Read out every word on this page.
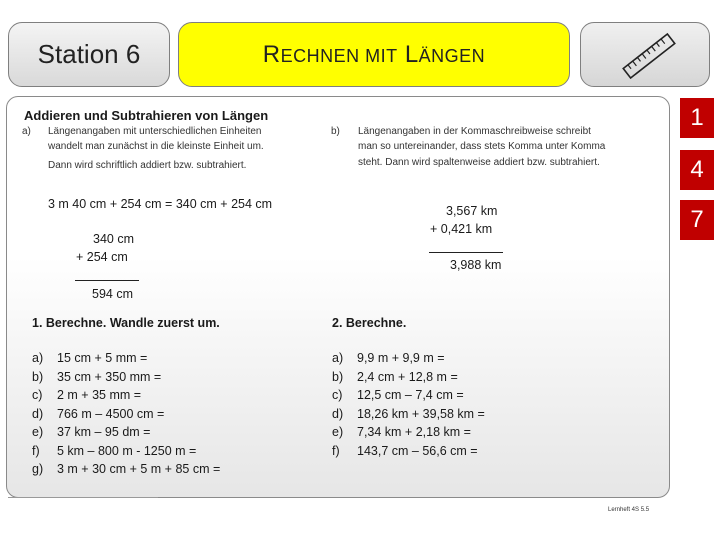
Station 6	RECHNEN MIT LÄNGEN
Addieren und Subtrahieren von Längen
a) Längenangaben mit unterschiedlichen Einheiten
wandelt man zunächst in die kleinste Einheit um.
Dann wird schriftlich addiert bzw. subtrahiert.
3 m 40 cm + 254 cm = 340 cm + 254 cm
340 cm
+ 254 cm
594 cm
b) Längenangaben in der Kommaschreibweise schreibt
man so untereinander, dass stets Komma unter Komma
steht. Dann wird spaltenweise addiert bzw. subtrahiert.
3,567 km
+ 0,421 km
3,988 km
1. Berechne. Wandle zuerst um.
a)
b)
c)
d)
e)
f)
g)
15 cm + 5 mm =
35 cm + 350 mm =
2 m + 35 mm =
766 m – 4500 cm =
37 km – 95 dm =
5 km – 800 m - 1250 m =
3 m + 30 cm + 5 m + 85 cm =
2. Berechne.
a)
b)
c)
d)
e)
f)
9,9 m + 9,9 m =
2,4 cm + 12,8 m =
12,5 cm – 7,4 cm =
18,26 km + 39,58 km =
7,34 km + 2,18 km =
143,7 cm – 56,6 cm =
1
4
7
Lernheft 4S 5.5
